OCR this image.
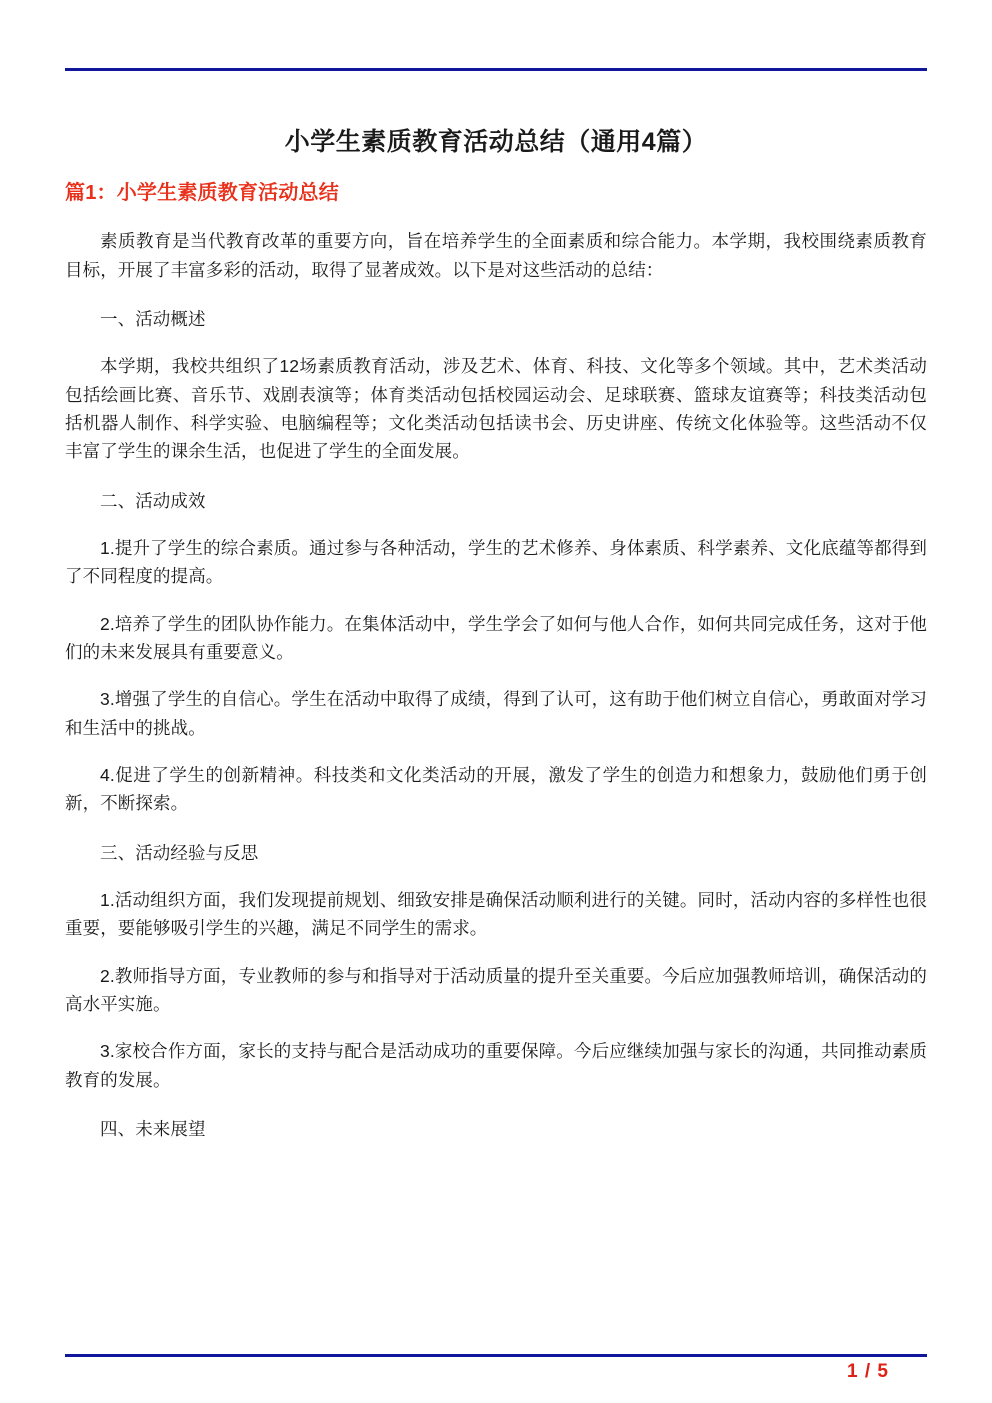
小学生素质教育活动总结（通用4篇）
篇1：小学生素质教育活动总结

素质教育是当代教育改革的重要方向，旨在培养学生的全面素质和综合能力。本学期，我校围绕素质教育目标，开展了丰富多彩的活动，取得了显著成效。以下是对这些活动的总结：

一、活动概述

本学期，我校共组织了12场素质教育活动，涉及艺术、体育、科技、文化等多个领域。其中，艺术类活动包括绘画比赛、音乐节、戏剧表演等；体育类活动包括校园运动会、足球联赛、篮球友谊赛等；科技类活动包括机器人制作、科学实验、电脑编程等；文化类活动包括读书会、历史讲座、传统文化体验等。这些活动不仅丰富了学生的课余生活，也促进了学生的全面发展。

二、活动成效

1.提升了学生的综合素质。通过参与各种活动，学生的艺术修养、身体素质、科学素养、文化底蕴等都得到了不同程度的提高。

2.培养了学生的团队协作能力。在集体活动中，学生学会了如何与他人合作，如何共同完成任务，这对于他们的未来发展具有重要意义。

3.增强了学生的自信心。学生在活动中取得了成绩，得到了认可，这有助于他们树立自信心，勇敢面对学习和生活中的挑战。

4.促进了学生的创新精神。科技类和文化类活动的开展，激发了学生的创造力和想象力，鼓励他们勇于创新，不断探索。

三、活动经验与反思

1.活动组织方面，我们发现提前规划、细致安排是确保活动顺利进行的关键。同时，活动内容的多样性也很重要，要能够吸引学生的兴趣，满足不同学生的需求。

2.教师指导方面，专业教师的参与和指导对于活动质量的提升至关重要。今后应加强教师培训，确保活动的高水平实施。

3.家校合作方面，家长的支持与配合是活动成功的重要保障。今后应继续加强与家长的沟通，共同推动素质教育的发展。

四、未来展望

1 / 5
